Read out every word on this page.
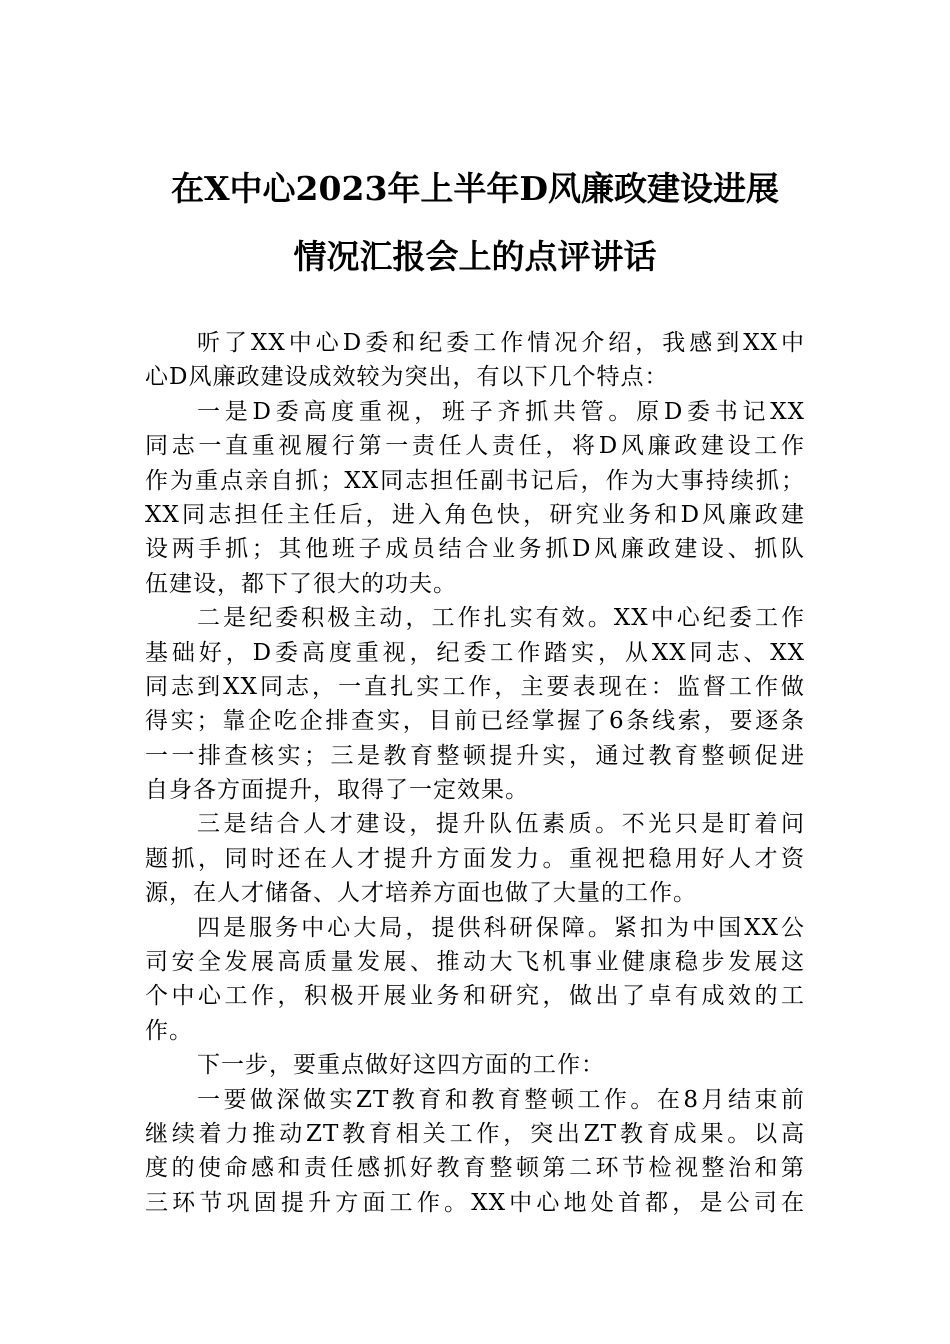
在X中心2023年上半年D风廉政建设进展
情况汇报会上的点评讲话
听了XX中心D委和纪委工作情况介绍，我感到XX中
心D风廉政建设成效较为突出，有以下几个特点：
一是D委高度重视，班子齐抓共管。原D委书记XX
同志一直重视履行第一责任人责任，将D风廉政建设工作
作为重点亲自抓；XX同志担任副书记后，作为大事持续抓；
XX同志担任主任后，进入角色快，研究业务和D风廉政建
设两手抓；其他班子成员结合业务抓D风廉政建设、抓队
伍建设，都下了很大的功夫。
二是纪委积极主动，工作扎实有效。XX中心纪委工作
基础好，D委高度重视，纪委工作踏实，从XX同志、XX
同志到XX同志，一直扎实工作，主要表现在：监督工作做
得实；靠企吃企排查实，目前已经掌握了6条线索，要逐条
一一排查核实；三是教育整顿提升实，通过教育整顿促进
自身各方面提升，取得了一定效果。
三是结合人才建设，提升队伍素质。不光只是盯着问
题抓，同时还在人才提升方面发力。重视把稳用好人才资
源，在人才储备、人才培养方面也做了大量的工作。
四是服务中心大局，提供科研保障。紧扣为中国XX公
司安全发展高质量发展、推动大飞机事业健康稳步发展这
个中心工作，积极开展业务和研究，做出了卓有成效的工
作。
下一步，要重点做好这四方面的工作：
一要做深做实ZT教育和教育整顿工作。在8月结束前
继续着力推动ZT教育相关工作，突出ZT教育成果。以高
度的使命感和责任感抓好教育整顿第二环节检视整治和第
三环节巩固提升方面工作。XX中心地处首都，是公司在
